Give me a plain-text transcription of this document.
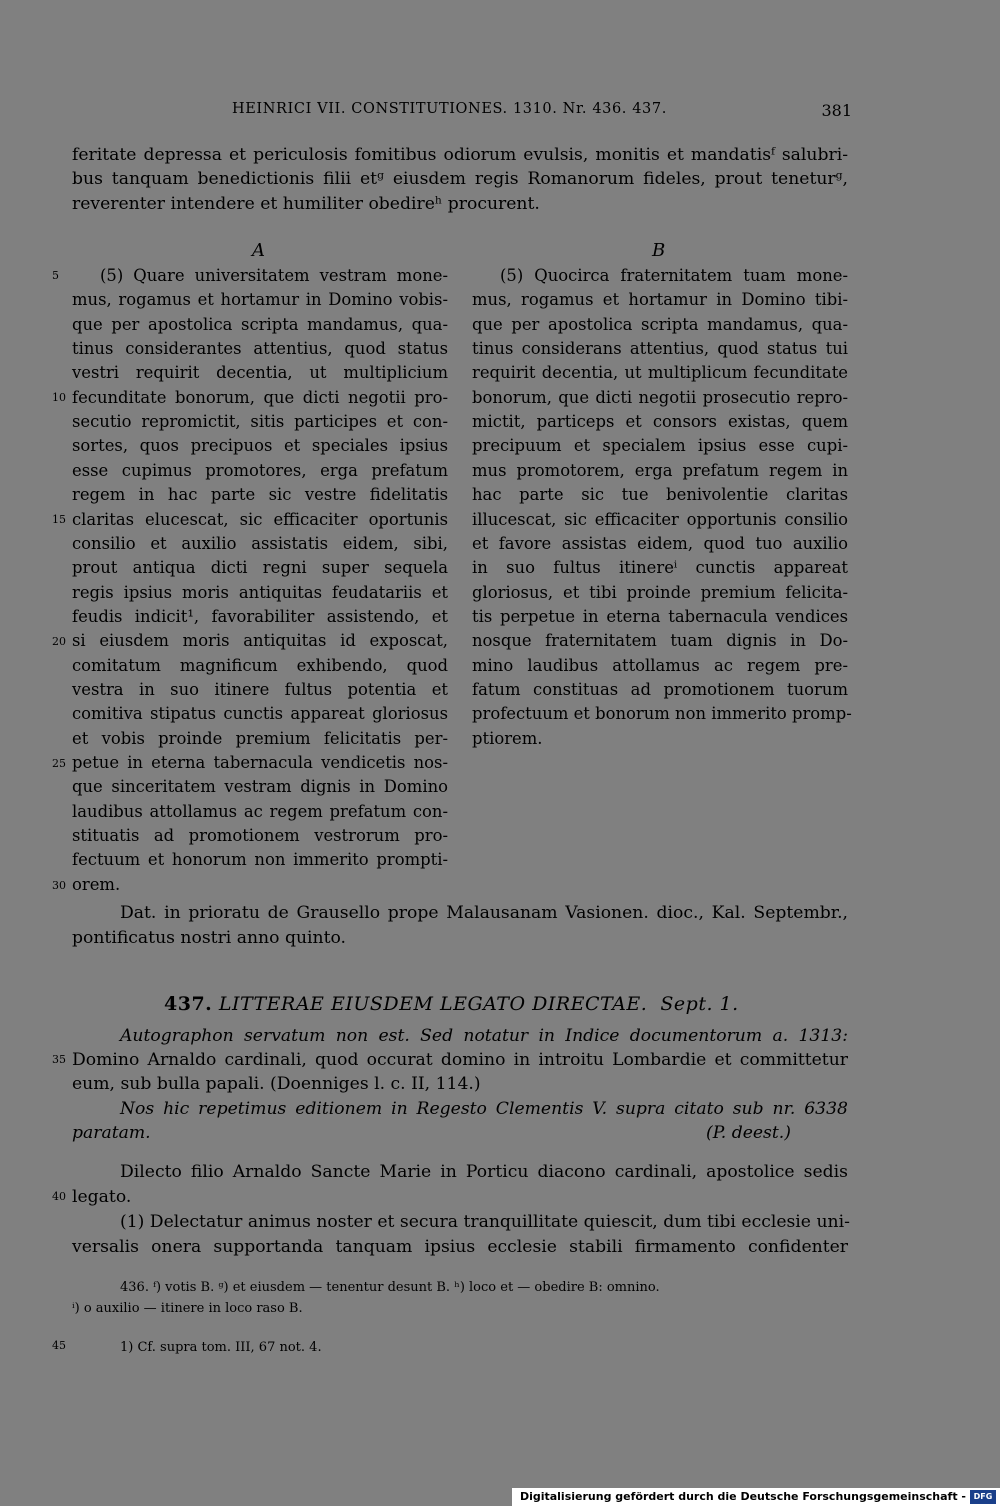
HEINRICI VII. CONSTITUTIONES. 1310. Nr. 436. 437.	381
feritate depressa et periculosis fomitibus odiorum evulsis, monitis et mandatisᶠ salubri-
bus tanquam benedictionis filii etᵍ eiusdem regis Romanorum fideles, prout teneturᵍ,
reverenter intendere et humiliter obedireʰ procurent.
A	B
5
10
15
20
25
30
(5) Quare universitatem vestram mone-
mus, rogamus et hortamur in Domino vobis-
que per apostolica scripta mandamus, qua-
tinus considerantes attentius, quod status
vestri requirit decentia, ut multiplicium
fecunditate bonorum, que dicti negotii pro-
secutio repromictit, sitis participes et con-
sortes, quos precipuos et speciales ipsius
esse cupimus promotores, erga prefatum
regem in hac parte sic vestre fidelitatis
claritas elucescat, sic efficaciter oportunis
consilio et auxilio assistatis eidem, sibi,
prout antiqua dicti regni super sequela
regis ipsius moris antiquitas feudatariis et
feudis indicit¹, favorabiliter assistendo, et
si eiusdem moris antiquitas id exposcat,
comitatum magnificum exhibendo, quod
vestra in suo itinere fultus potentia et
comitiva stipatus cunctis appareat gloriosus
et vobis proinde premium felicitatis per-
petue in eterna tabernacula vendicetis nos-
que sinceritatem vestram dignis in Domino
laudibus attollamus ac regem prefatum con-
stituatis ad promotionem vestrorum pro-
fectuum et honorum non immerito prompti-
orem.
(5) Quocirca fraternitatem tuam mone-
mus, rogamus et hortamur in Domino tibi-
que per apostolica scripta mandamus, qua-
tinus considerans attentius, quod status tui
requirit decentia, ut multiplicum fecunditate
bonorum, que dicti negotii prosecutio repro-
mictit, particeps et consors existas, quem
precipuum et specialem ipsius esse cupi-
mus promotorem, erga prefatum regem in
hac parte sic tue benivolentie claritas
illucescat, sic efficaciter opportunis consilio
et favore assistas eidem, quod tuo auxilio
in suo fultus itinereⁱ cunctis appareat
gloriosus, et tibi proinde premium felicita-
tis perpetue in eterna tabernacula vendices
nosque fraternitatem tuam dignis in Do-
mino laudibus attollamus ac regem pre-
fatum constituas ad promotionem tuorum
profectuum et bonorum non immerito promp-
ptiorem.
Dat. in prioratu de Grausello prope Malausanam Vasionen. dioc., Kal. Septembr.,
pontificatus nostri anno quinto.
437. LITTERAE EIUSDEM LEGATO DIRECTAE. Sept. 1.
Autographon servatum non est. Sed notatur in Indice documentorum a. 1313:
35 Domino Arnaldo cardinali, quod occurat domino in introitu Lombardie et committetur
eum, sub bulla papali. (Doenniges l. c. II, 114.)
Nos hic repetimus editionem in Regesto Clementis V. supra citato sub nr. 6338
paratam.	(P. deest.)
Dilecto filio Arnaldo Sancte Marie in Porticu diacono cardinali, apostolice sedis
40 legato.
(1) Delectatur animus noster et secura tranquillitate quiescit, dum tibi ecclesie uni-
versalis onera supportanda tanquam ipsius ecclesie stabili firmamento confidenter
436. ᶠ) votis B. ᵍ) et eiusdem — tenentur desunt B. ʰ) loco et — obedire B: omnino.
ⁱ) o auxilio — itinere in loco raso B.
45	1) Cf. supra tom. III, 67 not. 4.
Digitalisierung gefördert durch die Deutsche Forschungsgemeinschaft - DFG
